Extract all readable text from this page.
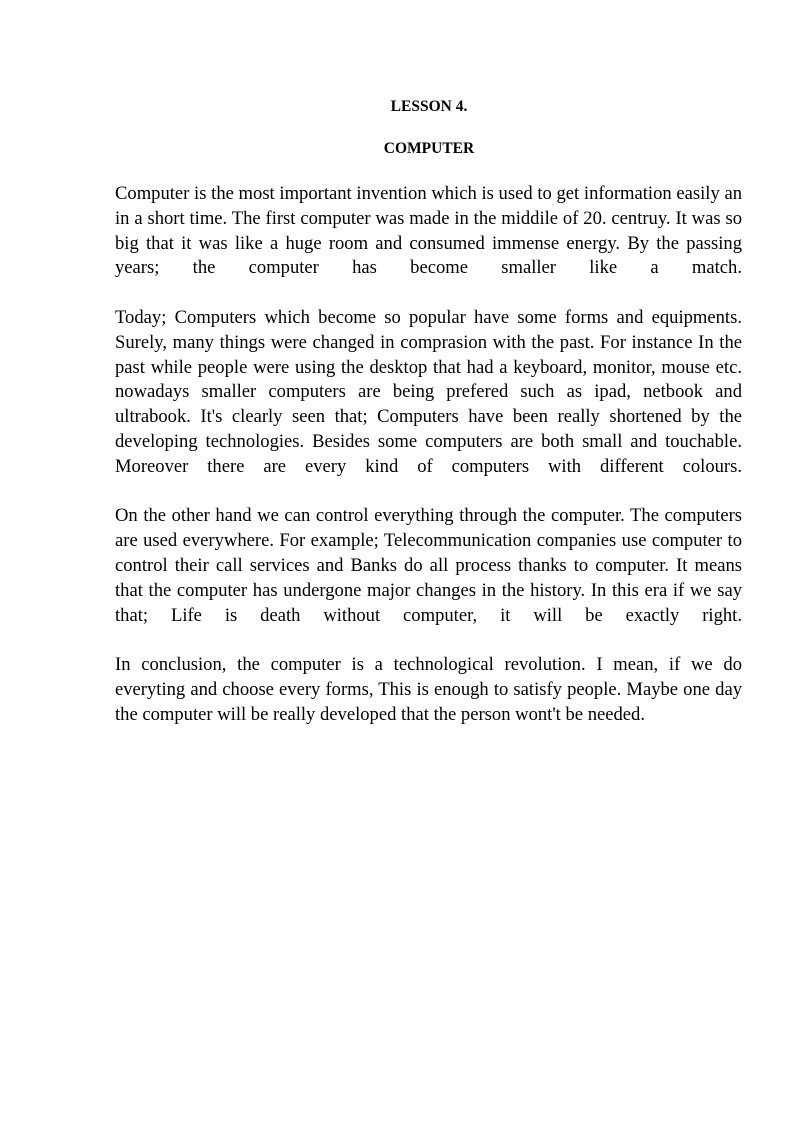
LESSON 4.
COMPUTER

Computer is the most important invention which is used to get information easily an in a short time. The first computer was made in the middile of 20. centruy. It was so big that it was like a huge room and consumed immense energy. By the passing years; the computer has become smaller like a match.

Today; Computers which become so popular have some forms and equipments. Surely, many things were changed in comprasion with the past. For instance In the past while people were using the desktop that had a keyboard, monitor, mouse etc. nowadays smaller computers are being prefered such as ipad, netbook and ultrabook. It's clearly seen that; Computers have been really shortened by the developing technologies. Besides some computers are both small and touchable. Moreover there are every kind of computers with different colours.

On the other hand we can control everything through the computer. The computers are used everywhere. For example; Telecommunication companies use computer to control their call services and Banks do all process thanks to computer. It means that the computer has undergone major changes in the history. In this era if we say that; Life is death without computer, it will be exactly right.

In conclusion, the computer is a technological revolution. I mean, if we do everyting and choose every forms, This is enough to satisfy people. Maybe one day the computer will be really developed that the person wont't be needed.
